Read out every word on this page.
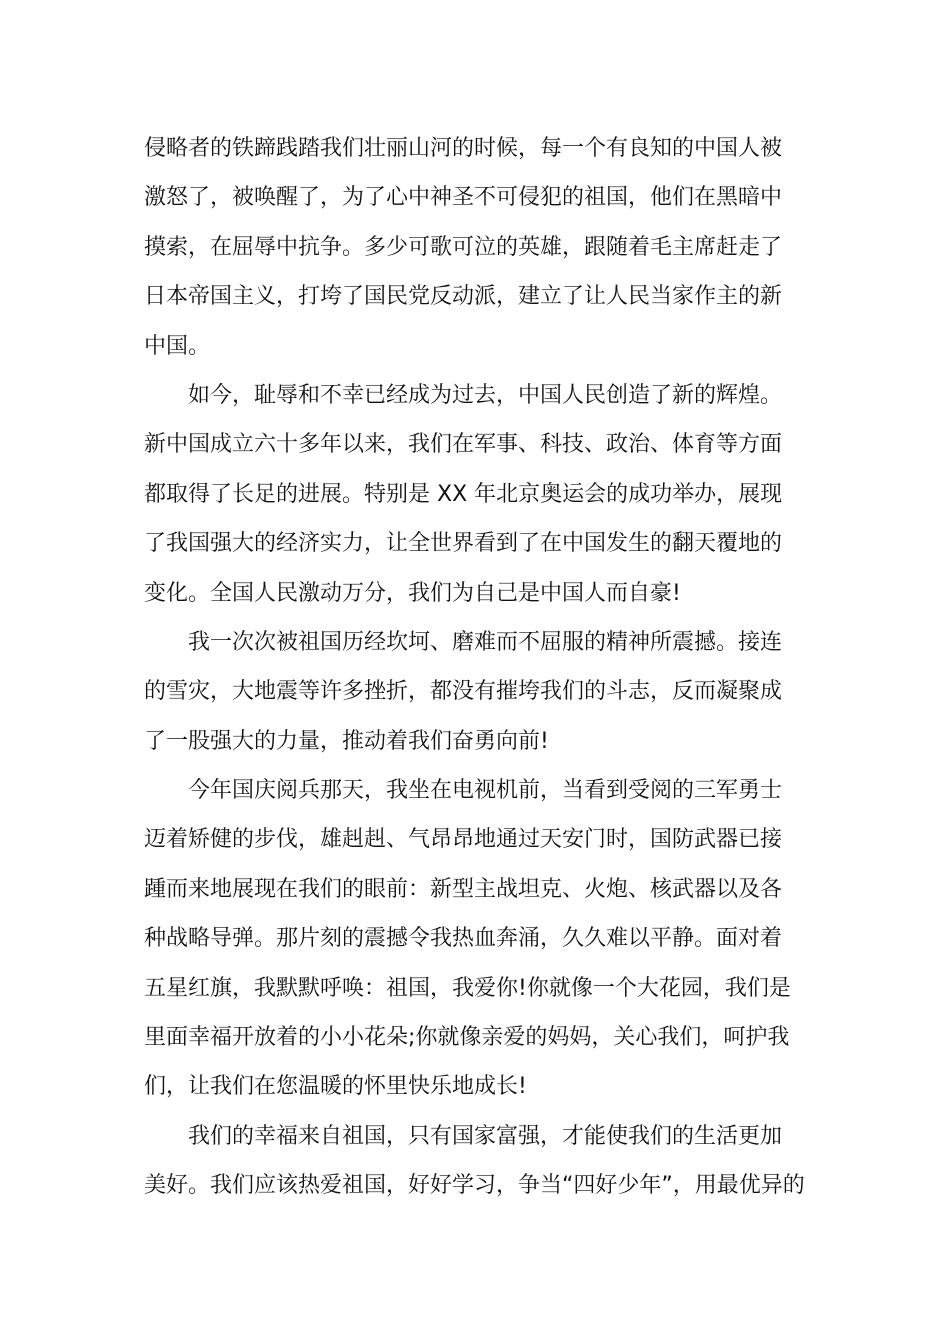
侵略者的铁蹄践踏我们壮丽山河的时候，每一个有良知的中国人被
激怒了，被唤醒了，为了心中神圣不可侵犯的祖国，他们在黑暗中
摸索，在屈辱中抗争。多少可歌可泣的英雄，跟随着毛主席赶走了
日本帝国主义，打垮了国民党反动派，建立了让人民当家作主的新
中国。

如今，耻辱和不幸已经成为过去，中国人民创造了新的辉煌。
新中国成立六十多年以来，我们在军事、科技、政治、体育等方面
都取得了长足的进展。特别是 XX 年北京奥运会的成功举办，展现
了我国强大的经济实力，让全世界看到了在中国发生的翻天覆地的
变化。全国人民激动万分，我们为自己是中国人而自豪!

我一次次被祖国历经坎坷、磨难而不屈服的精神所震撼。接连
的雪灾，大地震等许多挫折，都没有摧垮我们的斗志，反而凝聚成
了一股强大的力量，推动着我们奋勇向前!

今年国庆阅兵那天，我坐在电视机前，当看到受阅的三军勇士
迈着矫健的步伐，雄赳赳、气昂昂地通过天安门时，国防武器已接
踵而来地展现在我们的眼前：新型主战坦克、火炮、核武器以及各
种战略导弹。那片刻的震撼令我热血奔涌，久久难以平静。面对着
五星红旗，我默默呼唤：祖国，我爱你!你就像一个大花园，我们是
里面幸福开放着的小小花朵;你就像亲爱的妈妈，关心我们，呵护我
们，让我们在您温暖的怀里快乐地成长!

我们的幸福来自祖国，只有国家富强，才能使我们的生活更加
美好。我们应该热爱祖国，好好学习，争当“四好少年”，用最优异的
